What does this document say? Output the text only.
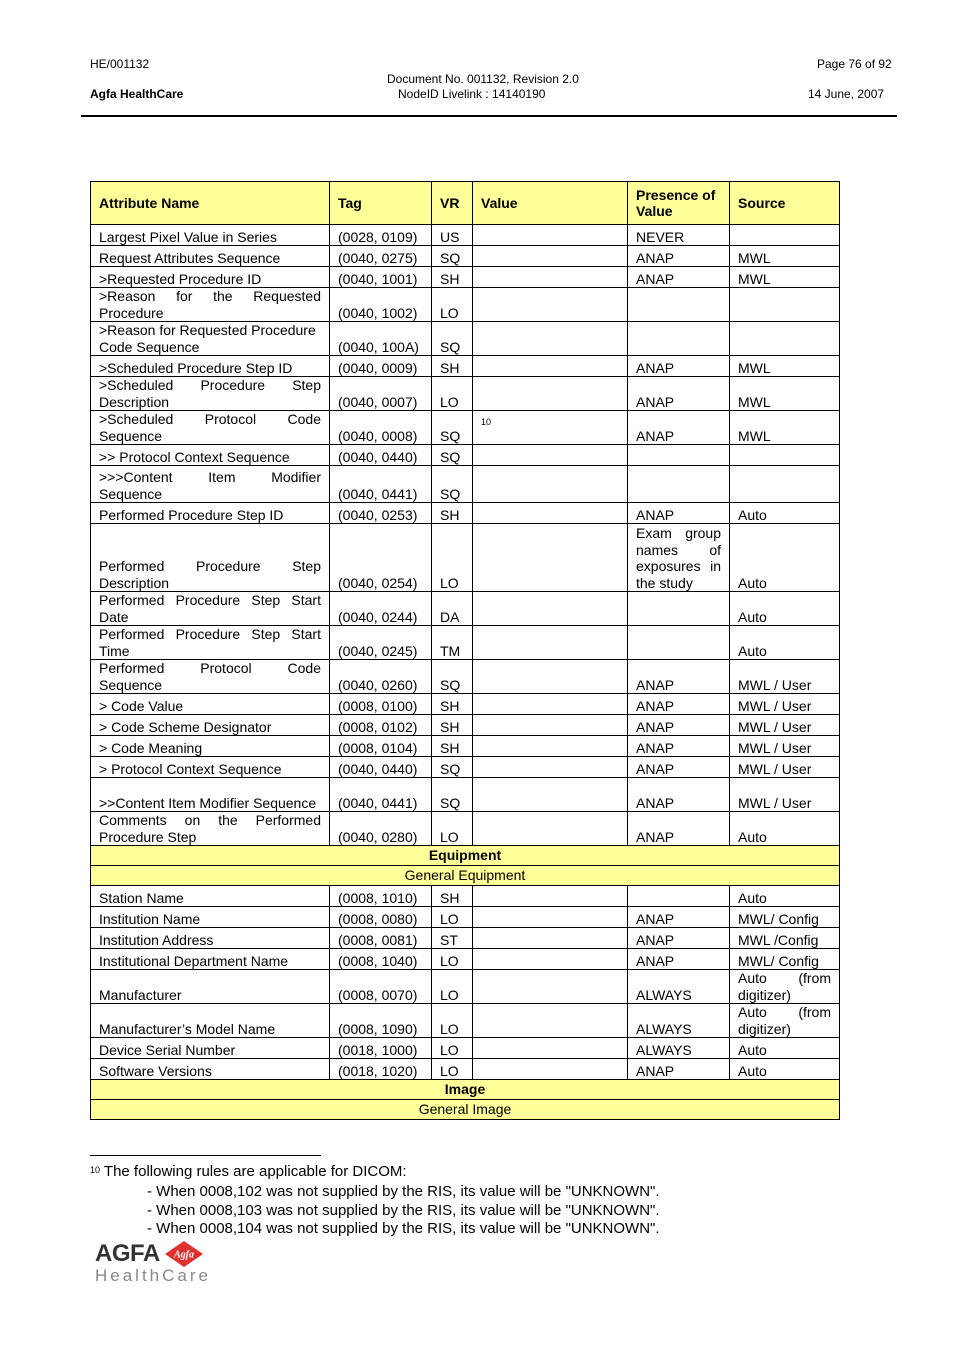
HE/001132
Agfa HealthCare
Document No. 001132, Revision 2.0
NodeID Livelink : 14140190
Page 76 of 92
14 June, 2007
Attribute Name	Tag	VR	Value	Presence of Value	Source
Largest Pixel Value in Series	(0028, 0109)	US		NEVER	
Request Attributes Sequence	(0040, 0275)	SQ		ANAP	MWL
>Requested Procedure ID	(0040, 1001)	SH		ANAP	MWL
>Reason for the Requested Procedure	(0040, 1002)	LO			
>Reason for Requested Procedure Code Sequence	(0040, 100A)	SQ			
>Scheduled Procedure Step ID	(0040, 0009)	SH		ANAP	MWL
>Scheduled Procedure Step Description	(0040, 0007)	LO		ANAP	MWL
>Scheduled Protocol Code Sequence	(0040, 0008)	SQ	$^{10}$	ANAP	MWL
>> Protocol Context Sequence	(0040, 0440)	SQ			
>>>Content Item Modifier Sequence	(0040, 0441)	SQ			
Performed Procedure Step ID	(0040, 0253)	SH		ANAP	Auto
Performed Procedure Step Description	(0040, 0254)	LO		Exam group names of exposures in the study	Auto
Performed Procedure Step Start Date	(0040, 0244)	DA			Auto
Performed Procedure Step Start Time	(0040, 0245)	TM			Auto
Performed Protocol Code Sequence	(0040, 0260)	SQ		ANAP	MWL / User
> Code Value	(0008, 0100)	SH		ANAP	MWL / User
> Code Scheme Designator	(0008, 0102)	SH		ANAP	MWL / User
> Code Meaning	(0008, 0104)	SH		ANAP	MWL / User
> Protocol Context Sequence	(0040, 0440)	SQ		ANAP	MWL / User
>>Content Item Modifier Sequence	(0040, 0441)	SQ		ANAP	MWL / User
Comments on the Performed Procedure Step	(0040, 0280)	LO		ANAP	Auto
Equipment					
General Equipment					
Station Name	(0008, 1010)	SH			Auto
Institution Name	(0008, 0080)	LO		ANAP	MWL/ Config
Institution Address	(0008, 0081)	ST		ANAP	MWL /Config
Institutional Department Name	(0008, 1040)	LO		ANAP	MWL/ Config
Manufacturer	(0008, 0070)	LO		ALWAYS	Auto (from digitizer)
Manufacturer’s Model Name	(0008, 1090)	LO		ALWAYS	Auto (from digitizer)
Device Serial Number	(0018, 1000)	LO		ALWAYS	Auto
Software Versions	(0018, 1020)	LO		ANAP	Auto
Image					
General Image					
$^{10}$ The following rules are applicable for DICOM:
- When 0008,102 was not supplied by the RIS, its value will be "UNKNOWN".
- When 0008,103 was not supplied by the RIS, its value will be "UNKNOWN".
- When 0008,104 was not supplied by the RIS, its value will be "UNKNOWN".
AGFA Agfa
HealthCare
